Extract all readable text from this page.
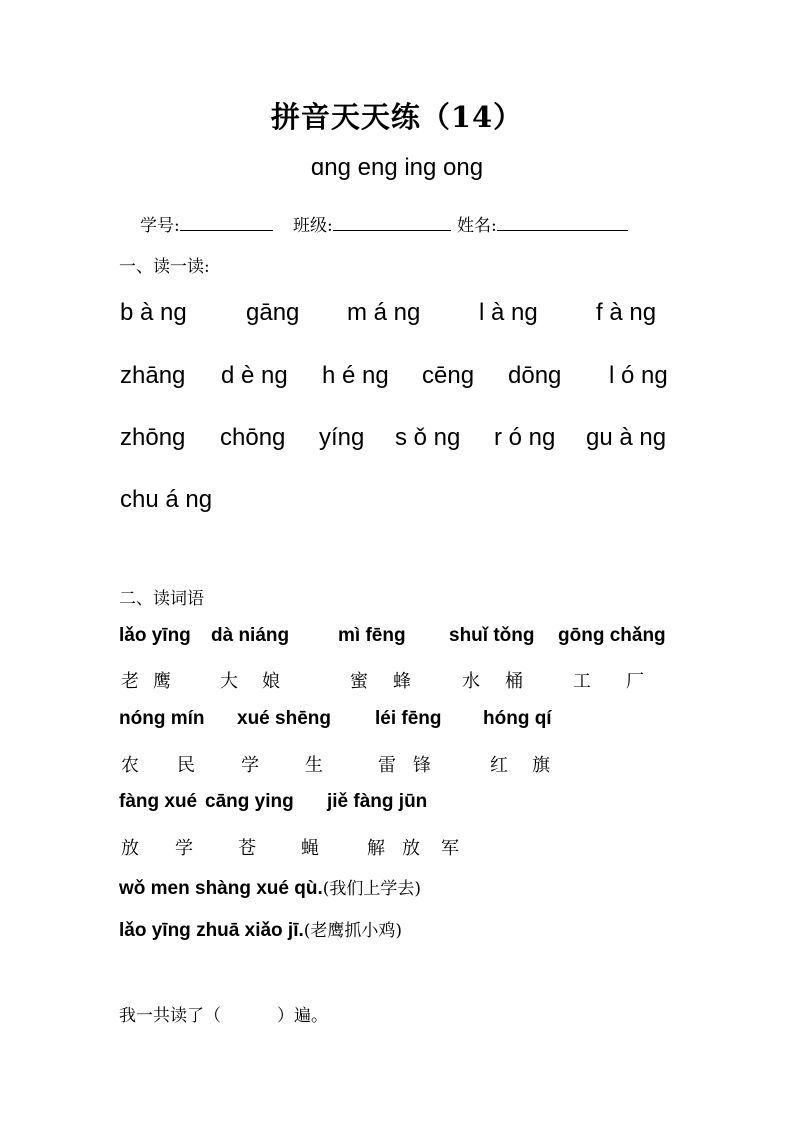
拼音天天练（14）
ɑng eng ing ong
学号:	班级:	姓名:
一、读一读:
b à ng gāng m á ng l à ng f à ng
zhāng d è ng h é ng cēng dōng l ó ng
zhōng chōng yíng s ǒ ng r ó ng gu à ng
chu á ng
二、读词语
lǎo yīng dà niáng	mì fēng shuǐ tǒng gōng chǎng
老 鹰	大 娘	蜜 蜂	水 桶	工 厂
nóng mín xué shēng léi fēng hóng qí
农 民	学	生	雷 锋	红 旗
fàng xué cāng ying jiě fàng jūn
放 学	苍	蝇	解 放 军
wǒ men shàng xué qù.(我们上学去)
lǎo yīng zhuā xiǎo jī.(老鹰抓小鸡)
我一共读了（	）遍。
